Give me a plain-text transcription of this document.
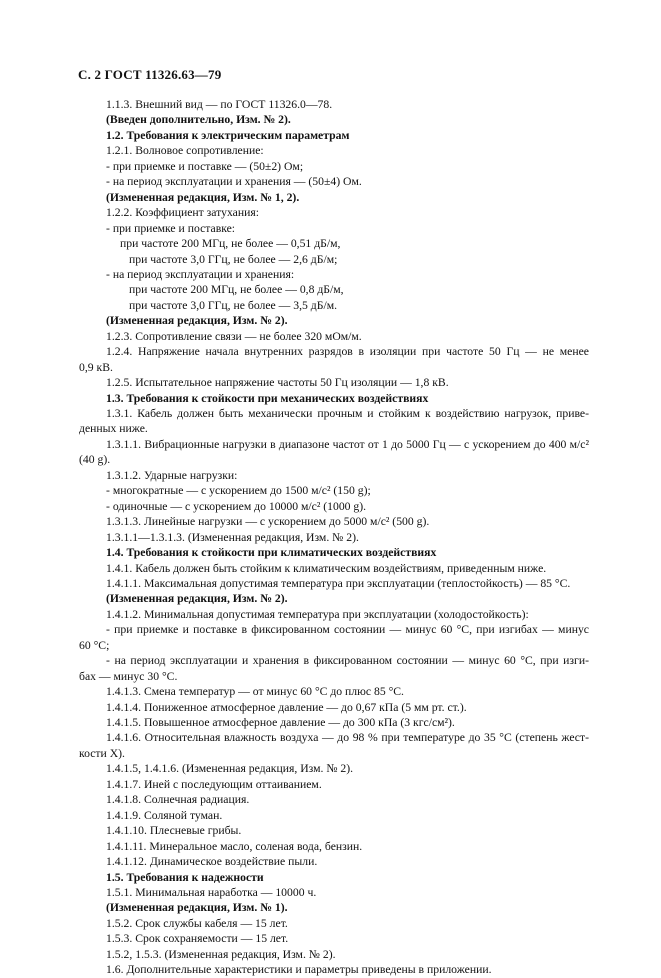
С. 2 ГОСТ 11326.63—79
1.1.3. Внешний вид — по ГОСТ 11326.0—78.
(Введен дополнительно, Изм. № 2).
1.2. Требования к электрическим параметрам
1.2.1. Волновое сопротивление:
- при приемке и поставке — (50±2) Ом;
- на период эксплуатации и хранения — (50±4) Ом.
(Измененная редакция, Изм. № 1, 2).
1.2.2. Коэффициент затухания:
- при приемке и поставке:
при частоте 200 МГц, не более — 0,51 дБ/м,
при частоте 3,0 ГГц, не более — 2,6 дБ/м;
- на период эксплуатации и хранения:
при частоте 200 МГц, не более — 0,8 дБ/м,
при частоте 3,0 ГГц, не более — 3,5 дБ/м.
(Измененная редакция, Изм. № 2).
1.2.3. Сопротивление связи — не более 320 мОм/м.
1.2.4. Напряжение начала внутренних разрядов в изоляции при частоте 50 Гц — не менее
0,9 кВ.
1.2.5. Испытательное напряжение частоты 50 Гц изоляции — 1,8 кВ.
1.3. Требования к стойкости при механических воздействиях
1.3.1. Кабель должен быть механически прочным и стойким к воздействию нагрузок, приве-
денных ниже.
1.3.1.1. Вибрационные нагрузки в диапазоне частот от 1 до 5000 Гц — с ускорением до 400 м/с²
(40 g).
1.3.1.2. Ударные нагрузки:
- многократные — с ускорением до 1500 м/с² (150 g);
- одиночные — с ускорением до 10000 м/с² (1000 g).
1.3.1.3. Линейные нагрузки — с ускорением до 5000 м/с² (500 g).
1.3.1.1—1.3.1.3. (Измененная редакция, Изм. № 2).
1.4. Требования к стойкости при климатических воздействиях
1.4.1. Кабель должен быть стойким к климатическим воздействиям, приведенным ниже.
1.4.1.1. Максимальная допустимая температура при эксплуатации (теплостойкость) — 85 °С.
(Измененная редакция, Изм. № 2).
1.4.1.2. Минимальная допустимая температура при эксплуатации (холодостойкость):
- при приемке и поставке в фиксированном состоянии — минус 60 °С, при изгибах — минус
60 °С;
- на период эксплуатации и хранения в фиксированном состоянии — минус 60 °С, при изги-
бах — минус 30 °С.
1.4.1.3. Смена температур — от минус 60 °С до плюс 85 °С.
1.4.1.4. Пониженное атмосферное давление — до 0,67 кПа (5 мм рт. ст.).
1.4.1.5. Повышенное атмосферное давление — до 300 кПа (3 кгс/см²).
1.4.1.6. Относительная влажность воздуха — до 98 % при температуре до 35 °С (степень жест-
кости X).
1.4.1.5, 1.4.1.6. (Измененная редакция, Изм. № 2).
1.4.1.7. Иней с последующим оттаиванием.
1.4.1.8. Солнечная радиация.
1.4.1.9. Соляной туман.
1.4.1.10. Плесневые грибы.
1.4.1.11. Минеральное масло, соленая вода, бензин.
1.4.1.12. Динамическое воздействие пыли.
1.5. Требования к надежности
1.5.1. Минимальная наработка — 10000 ч.
(Измененная редакция, Изм. № 1).
1.5.2. Срок службы кабеля — 15 лет.
1.5.3. Срок сохраняемости — 15 лет.
1.5.2, 1.5.3. (Измененная редакция, Изм. № 2).
1.6. Дополнительные характеристики и параметры приведены в приложении.
